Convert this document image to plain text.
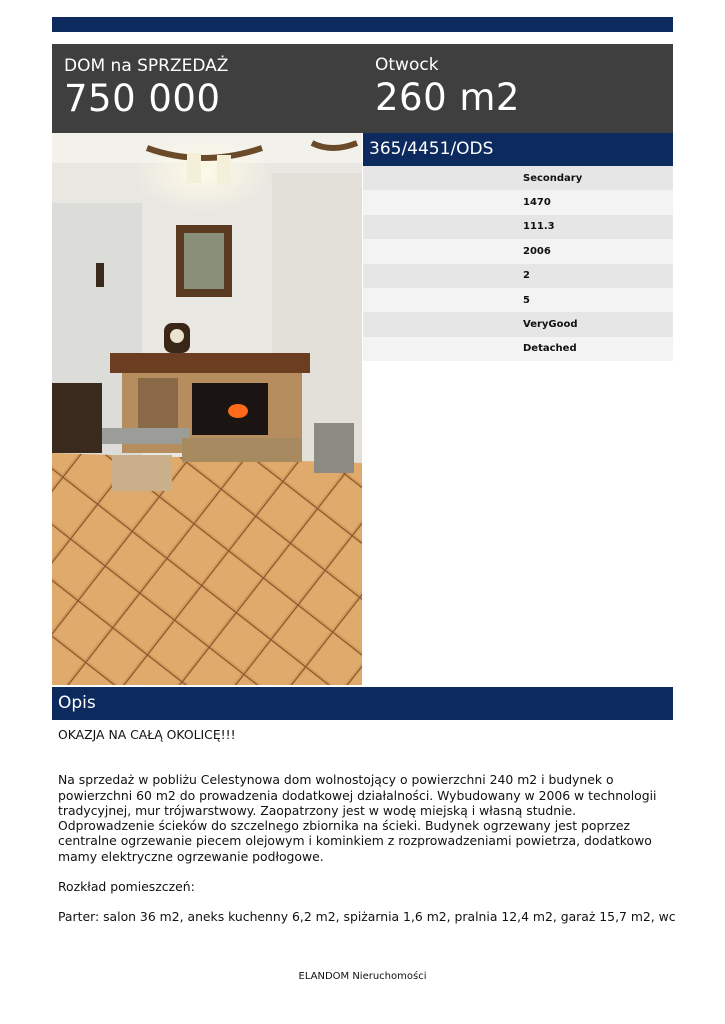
DOM na SPRZEDAŻ
750 000
Otwock
260 m2
365/4451/ODS
Secondary
1470
111.3
2006
2
5
VeryGood
Detached
Opis

OKAZJA NA CAŁĄ OKOLICĘ!!!

Na sprzedaż w pobliżu Celestynowa dom wolnostojący o powierzchni 240 m2 i budynek o

powierzchni 60 m2 do prowadzenia dodatkowej działalności. Wybudowany w 2006 w technologii

tradycyjnej, mur trójwarstwowy. Zaopatrzony jest w wodę miejską i własną studnie.

Odprowadzenie ścieków do szczelnego zbiornika na ścieki. Budynek ogrzewany jest poprzez

centralne ogrzewanie piecem olejowym i kominkiem z rozprowadzeniami powietrza, dodatkowo

mamy elektryczne ogrzewanie podłogowe.

Rozkład pomieszczeń:

Parter: salon 36 m2, aneks kuchenny 6,2 m2, spiżarnia 1,6 m2, pralnia 12,4 m2, garaż 15,7 m2, wc

ELANDOM Nieruchomości
